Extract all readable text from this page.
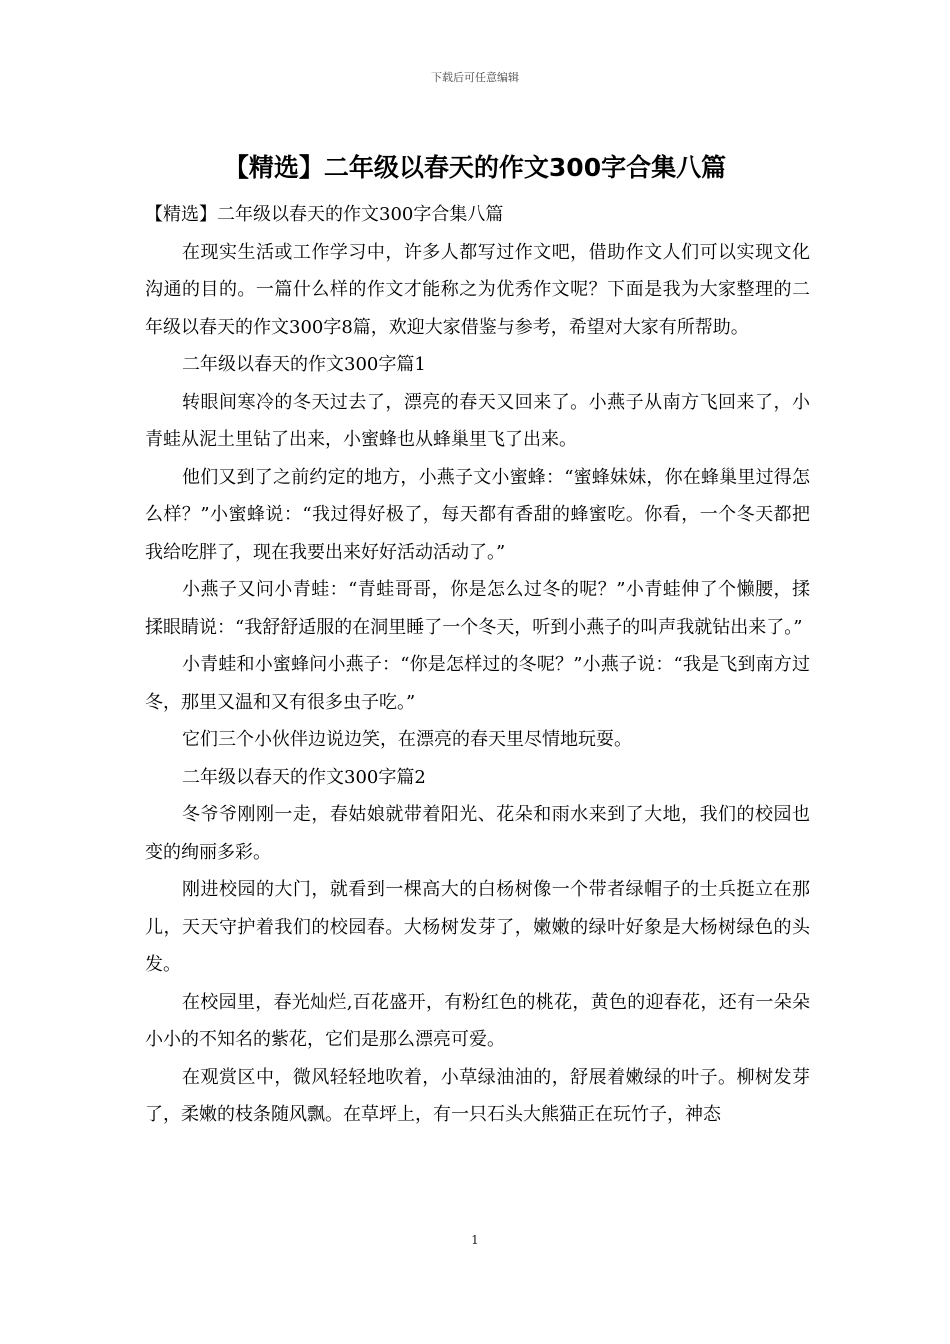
下载后可任意编辑
【精选】二年级以春天的作文300字合集八篇

【精选】二年级以春天的作文300字合集八篇

在现实生活或工作学习中，许多人都写过作文吧，借助作文人们可以实现文化沟通的目的。一篇什么样的作文才能称之为优秀作文呢？下面是我为大家整理的二年级以春天的作文300字8篇，欢迎大家借鉴与参考，希望对大家有所帮助。

二年级以春天的作文300字篇1

转眼间寒冷的冬天过去了，漂亮的春天又回来了。小燕子从南方飞回来了，小青蛙从泥土里钻了出来，小蜜蜂也从蜂巢里飞了出来。

他们又到了之前约定的地方，小燕子文小蜜蜂：“蜜蜂妹妹，你在蜂巢里过得怎么样？”小蜜蜂说：“我过得好极了，每天都有香甜的蜂蜜吃。你看，一个冬天都把我给吃胖了，现在我要出来好好活动活动了。”

小燕子又问小青蛙：“青蛙哥哥，你是怎么过冬的呢？”小青蛙伸了个懒腰，揉揉眼睛说：“我舒舒适服的在洞里睡了一个冬天，听到小燕子的叫声我就钻出来了。”

小青蛙和小蜜蜂问小燕子：“你是怎样过的冬呢？”小燕子说：“我是飞到南方过冬，那里又温和又有很多虫子吃。”

它们三个小伙伴边说边笑，在漂亮的春天里尽情地玩耍。

二年级以春天的作文300字篇2

冬爷爷刚刚一走，春姑娘就带着阳光、花朵和雨水来到了大地，我们的校园也变的绚丽多彩。

刚进校园的大门，就看到一棵高大的白杨树像一个带者绿帽子的士兵挺立在那儿，天天守护着我们的校园春。大杨树发芽了，嫩嫩的绿叶好象是大杨树绿色的头发。

在校园里，春光灿烂,百花盛开，有粉红色的桃花，黄色的迎春花，还有一朵朵小小的不知名的紫花，它们是那么漂亮可爱。

在观赏区中，微风轻轻地吹着，小草绿油油的，舒展着嫩绿的叶子。柳树发芽了，柔嫩的枝条随风飘。在草坪上，有一只石头大熊猫正在玩竹子，神态

1
